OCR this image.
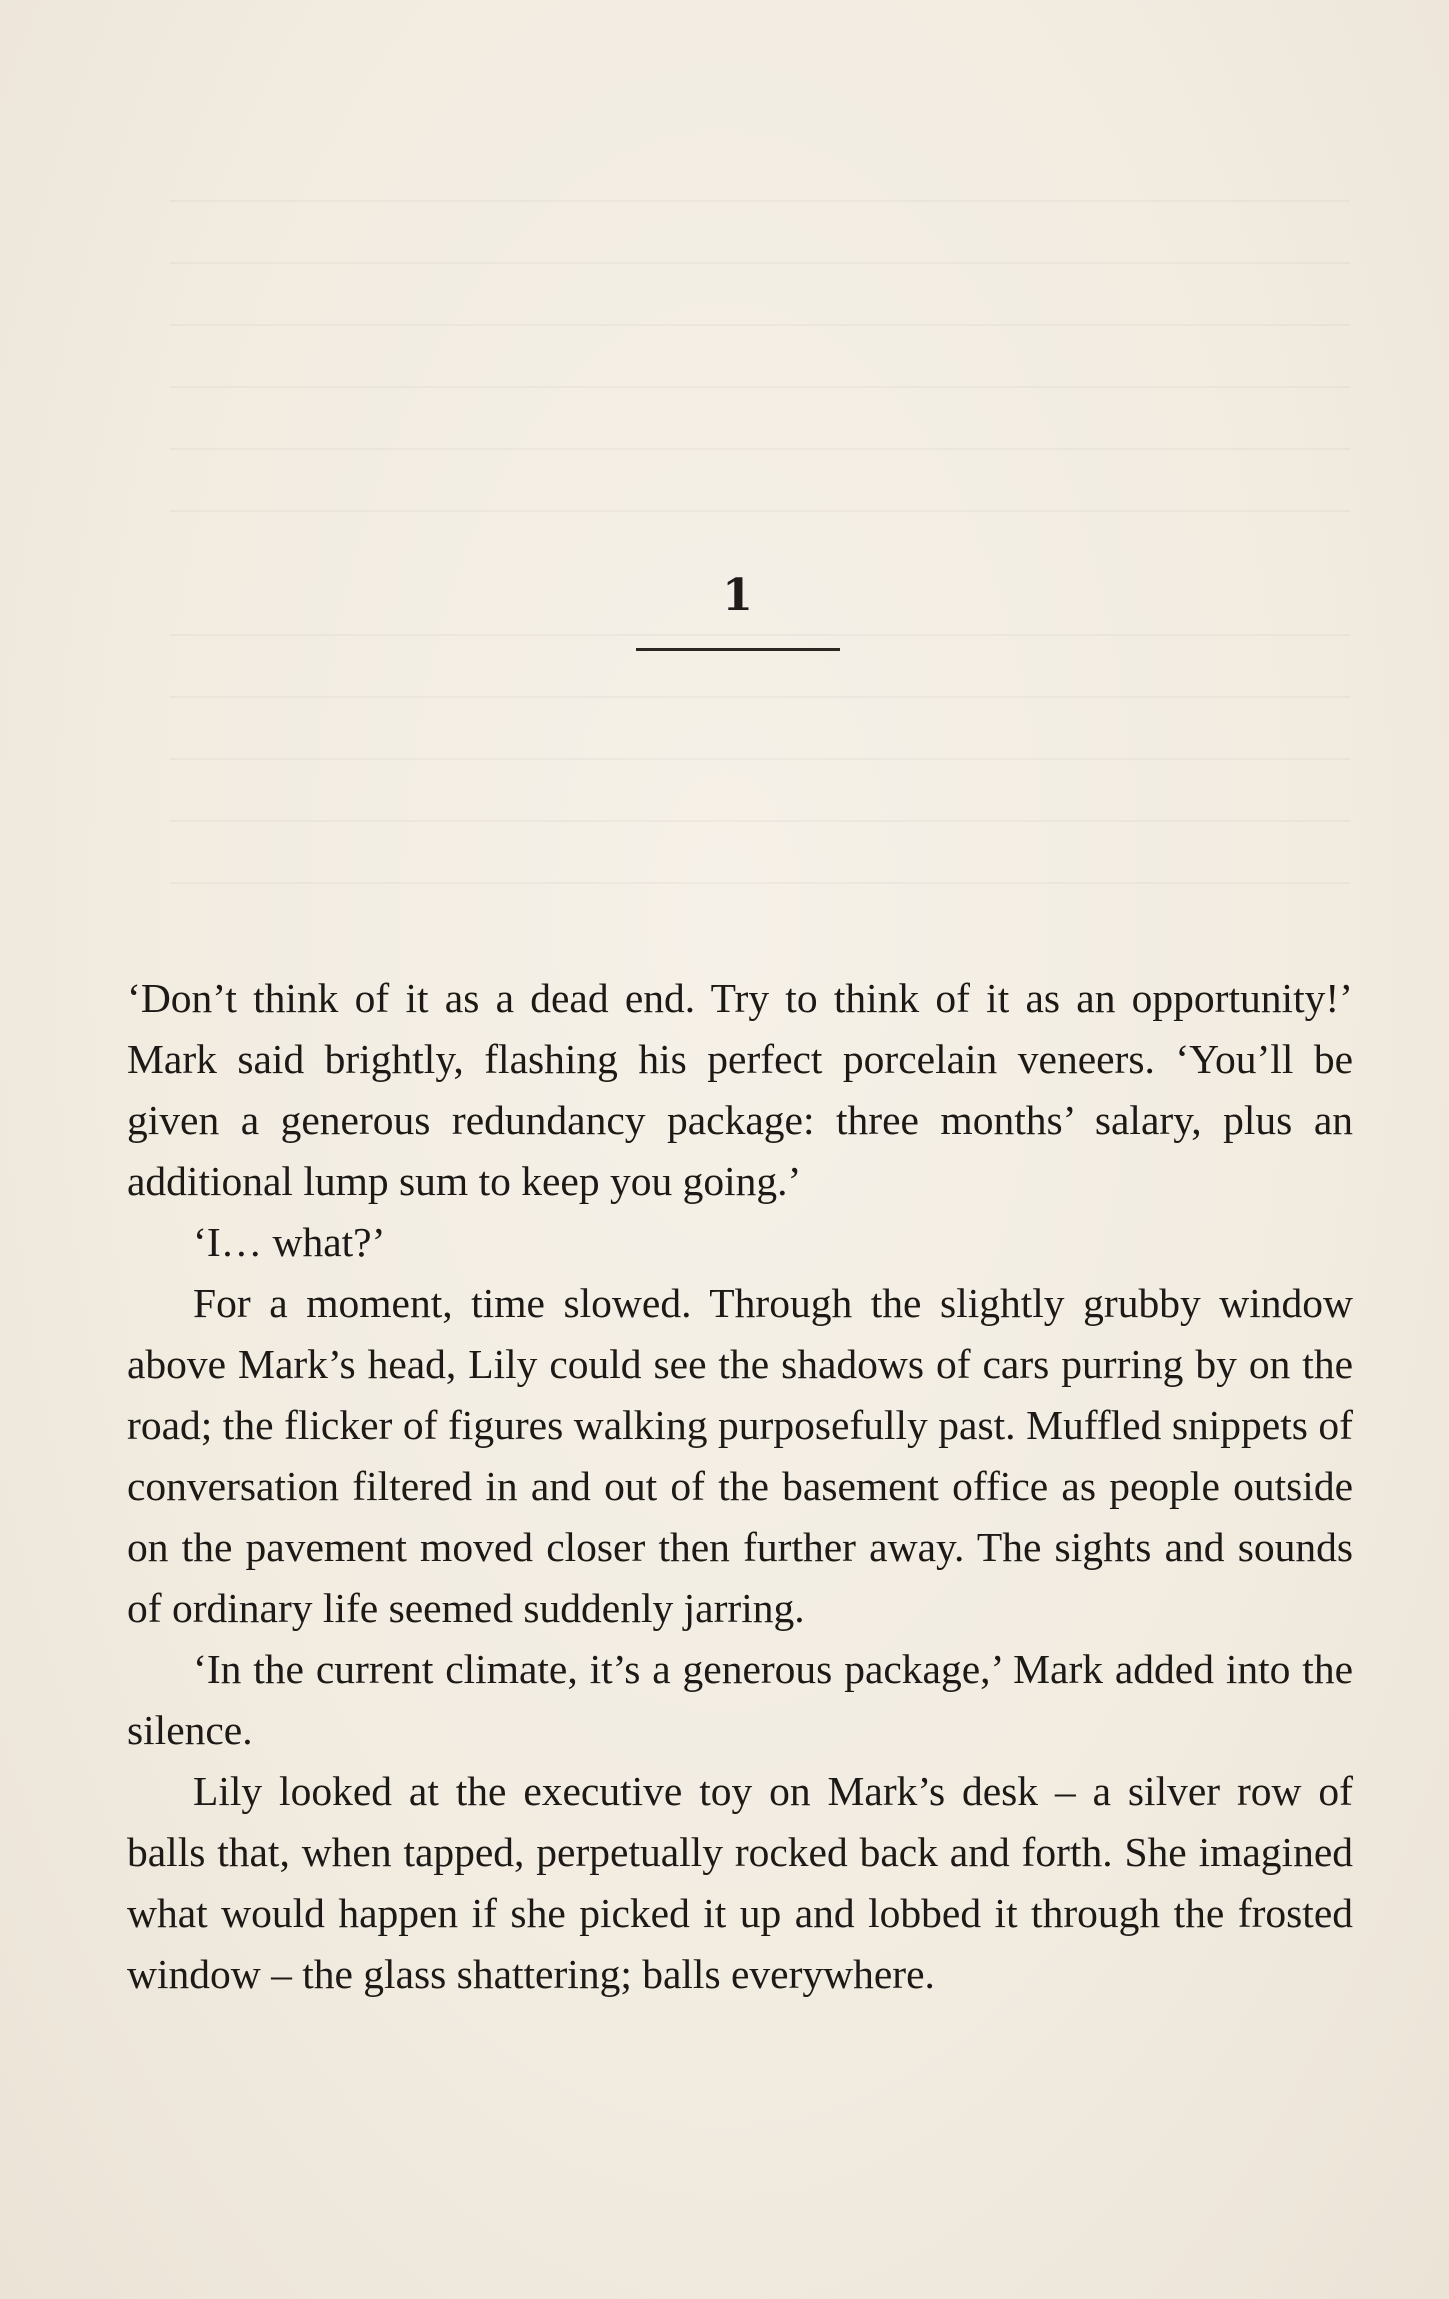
1

‘Don’t think of it as a dead end. Try to think of it as an opportunity!’ Mark said brightly, flashing his perfect porcelain veneers. ‘You’ll be given a generous redundancy package: three months’ salary, plus an additional lump sum to keep you going.’

‘I… what?’

For a moment, time slowed. Through the slightly grubby window above Mark’s head, Lily could see the shadows of cars purring by on the road; the flicker of figures walking purposefully past. Muffled snippets of conversation filtered in and out of the basement office as people outside on the pavement moved closer then further away. The sights and sounds of ordinary life seemed suddenly jarring.

‘In the current climate, it’s a generous package,’ Mark added into the silence.

Lily looked at the executive toy on Mark’s desk – a silver row of balls that, when tapped, perpetually rocked back and forth. She imagined what would happen if she picked it up and lobbed it through the frosted window – the glass shattering; balls everywhere.
